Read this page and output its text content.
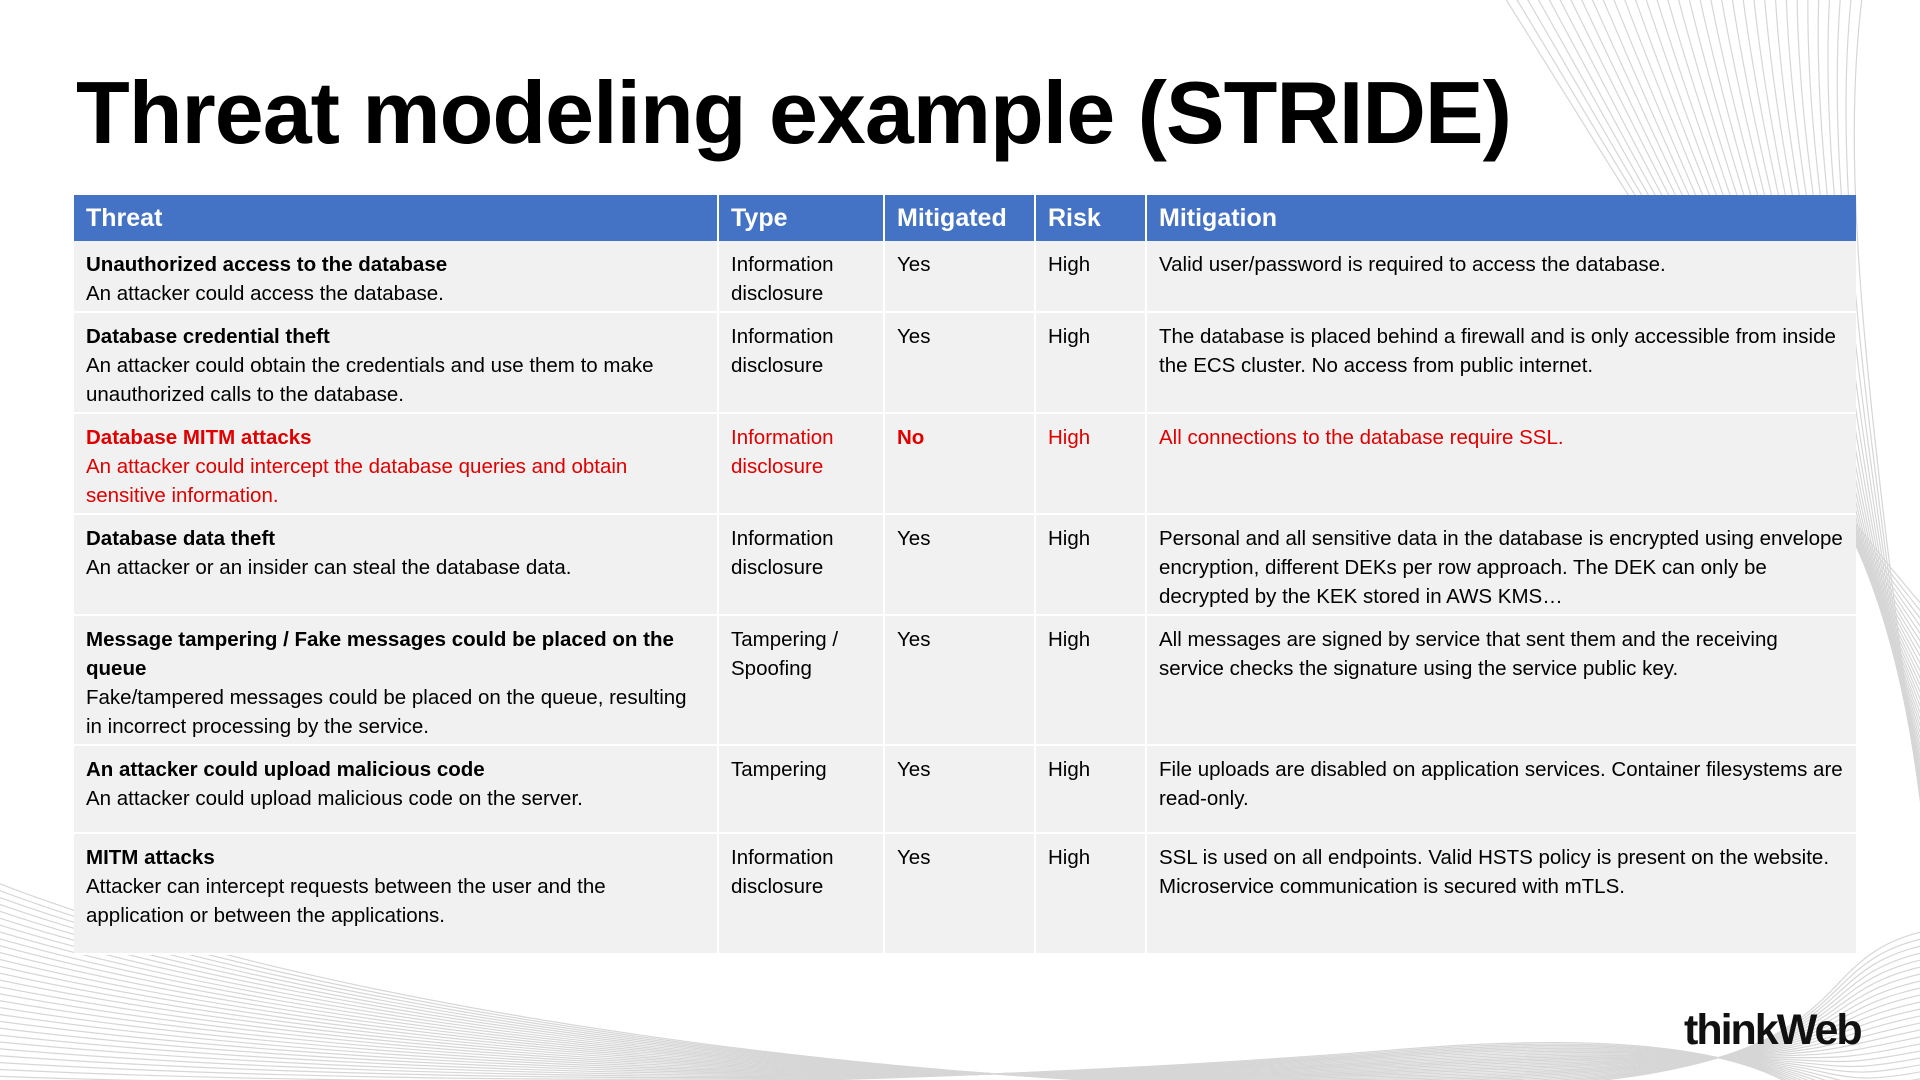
Threat modeling example (STRIDE)
Threat	Type	Mitigated	Risk	Mitigation

Unauthorized access to the database
An attacker could access the database.	Information disclosure	Yes	High	Valid user/password is required to access the database.

Database credential theft
An attacker could obtain the credentials and use them to make unauthorized calls to the database.	Information disclosure	Yes	High	The database is placed behind a firewall and is only accessible from inside the ECS cluster. No access from public internet.

Database MITM attacks
An attacker could intercept the database queries and obtain sensitive information.	Information disclosure	No	High	All connections to the database require SSL.

Database data theft
An attacker or an insider can steal the database data.	Information disclosure	Yes	High	Personal and all sensitive data in the database is encrypted using envelope encryption, different DEKs per row approach. The DEK can only be decrypted by the KEK stored in AWS KMS…

Message tampering / Fake messages could be placed on the queue
Fake/tampered messages could be placed on the queue, resulting in incorrect processing by the service.	Tampering / Spoofing	Yes	High	All messages are signed by service that sent them and the receiving service checks the signature using the service public key.

An attacker could upload malicious code
An attacker could upload malicious code on the server.	Tampering	Yes	High	File uploads are disabled on application services. Container filesystems are read-only.

MITM attacks
Attacker can intercept requests between the user and the application or between the applications.	Information disclosure	Yes	High	SSL is used on all endpoints. Valid HSTS policy is present on the website. Microservice communication is secured with mTLS.
thinkWeb
